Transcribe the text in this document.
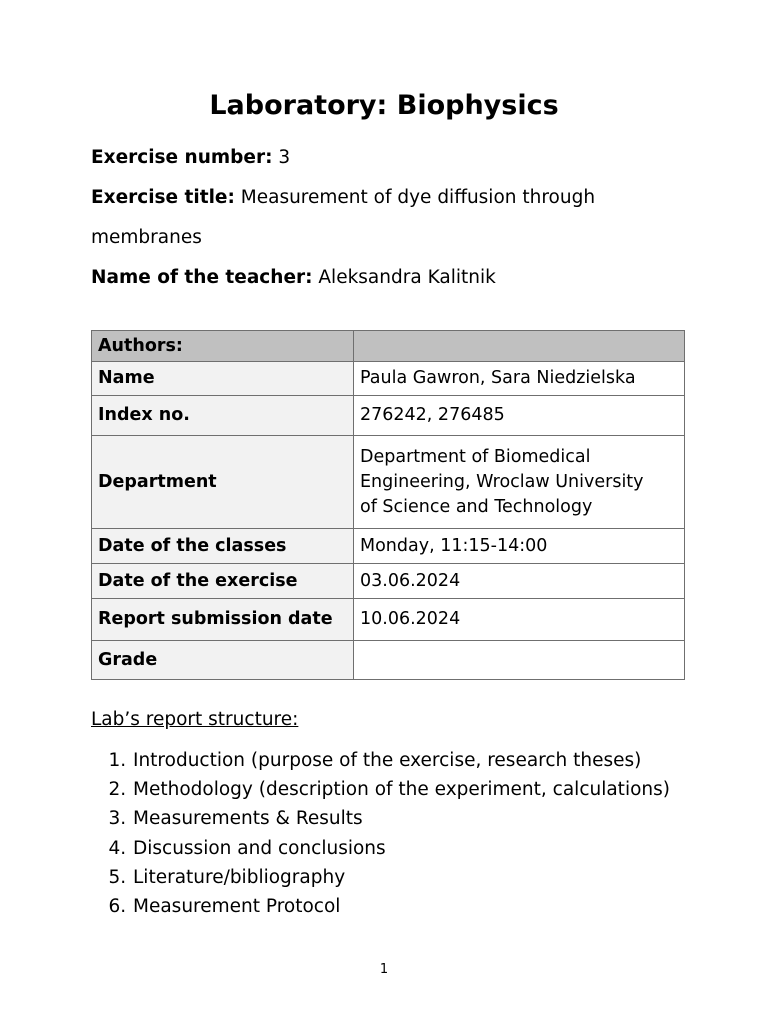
Laboratory: Biophysics

Exercise number: 3

Exercise title: Measurement of dye diffusion through

membranes

Name of the teacher: Aleksandra Kalitnik

Authors:	
Name	Paula Gawron, Sara Niedzielska
Index no.	276242, 276485
Department	Department of Biomedical
Engineering, Wroclaw University
of Science and Technology

Date of the classes	Monday, 11:15-14:00
Date of the exercise	03.06.2024
Report submission date	10.06.2024
Grade	

Lab’s report structure:

1. Introduction (purpose of the exercise, research theses)
2. Methodology (description of the experiment, calculations)
3. Measurements & Results
4. Discussion and conclusions
5. Literature/bibliography
6. Measurement Protocol
1
